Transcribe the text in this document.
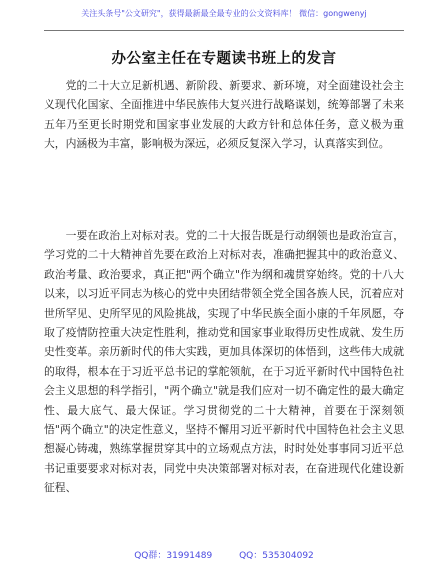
关注头条号"公文研究"，获得最新最全最专业的公文资料库！ 微信：gongwenyj
办公室主任在专题读书班上的发言

党的二十大立足新机遇、新阶段、新要求、新环境，对全面建设社会主义现代化国家、全面推进中华民族伟大复兴进行战略谋划，统筹部署了未来五年乃至更长时期党和国家事业发展的大政方针和总体任务，意义极为重大，内涵极为丰富，影响极为深远，必须反复深入学习，认真落实到位。

一要在政治上对标对表。党的二十大报告既是行动纲领也是政治宣言，学习党的二十大精神首先要在政治上对标对表，准确把握其中的政治意义、政治考量、政治要求，真正把"两个确立"作为纲和魂贯穿始终。党的十八大以来，以习近平同志为核心的党中央团结带领全党全国各族人民，沉着应对世所罕见、史所罕见的风险挑战，实现了中华民族全面小康的千年夙愿，夺取了疫情防控重大决定性胜利，推动党和国家事业取得历史性成就、发生历史性变革。亲历新时代的伟大实践，更加具体深切的体悟到，这些伟大成就的取得，根本在于习近平总书记的掌舵领航，在于习近平新时代中国特色社会主义思想的科学指引，"两个确立"就是我们应对一切不确定性的最大确定性、最大底气、最大保证。学习贯彻党的二十大精神，首要在于深刻领悟"两个确立"的决定性意义，坚持不懈用习近平新时代中国特色社会主义思想凝心铸魂，熟练掌握贯穿其中的立场观点方法，时时处处事事同习近平总书记重要要求对标对表，同党中央决策部署对标对表，在奋进现代化建设新征程、

QQ群：31991489	QQ：535304092
